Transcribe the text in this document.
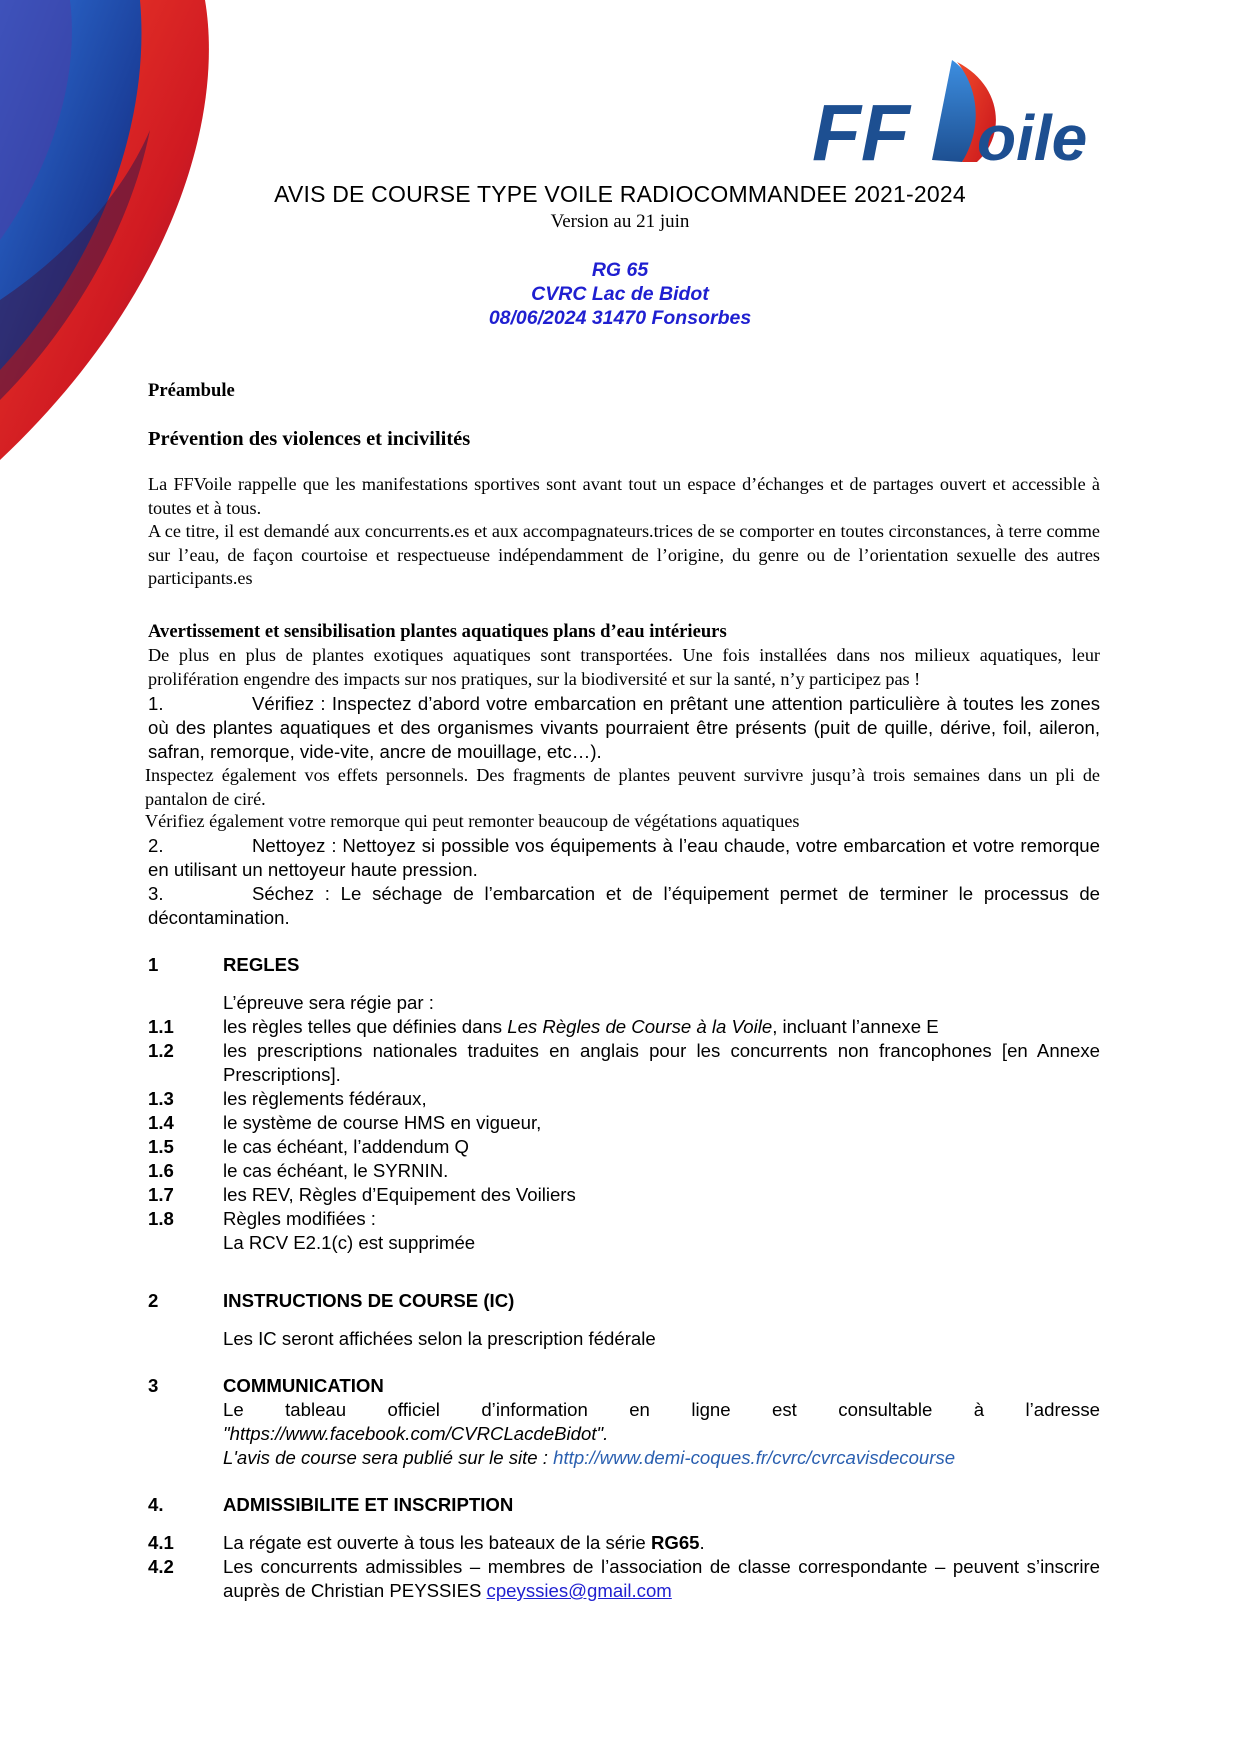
FF oile
AVIS DE COURSE TYPE VOILE RADIOCOMMANDEE 2021-2024
Version au 21 juin
RG 65
CVRC Lac de Bidot
08/06/2024 31470 Fonsorbes
Préambule
Prévention des violences et incivilités

La FFVoile rappelle que les manifestations sportives sont avant tout un espace d’échanges et de partages ouvert et accessible à toutes et à tous.

A ce titre, il est demandé aux concurrents.es et aux accompagnateurs.trices de se comporter en toutes circonstances, à terre comme sur l’eau, de façon courtoise et respectueuse indépendamment de l’origine, du genre ou de l’orientation sexuelle des autres participants.es

Avertissement et sensibilisation plantes aquatiques plans d’eau intérieurs

De plus en plus de plantes exotiques aquatiques sont transportées. Une fois installées dans nos milieux aquatiques, leur prolifération engendre des impacts sur nos pratiques, sur la biodiversité et sur la santé, n’y participez pas !

1.	Vérifiez : Inspectez d’abord votre embarcation en prêtant une attention particulière à toutes les zones où des plantes aquatiques et des organismes vivants pourraient être présents (puit de quille, dérive, foil, aileron, safran, remorque, vide-vite, ancre de mouillage, etc…).

Inspectez également vos effets personnels. Des fragments de plantes peuvent survivre jusqu’à trois semaines dans un pli de pantalon de ciré.

Vérifiez également votre remorque qui peut remonter beaucoup de végétations aquatiques

2.	Nettoyez : Nettoyez si possible vos équipements à l’eau chaude, votre embarcation et votre remorque en utilisant un nettoyeur haute pression.
3.	Séchez : Le séchage de l’embarcation et de l’équipement permet de terminer le processus de décontamination.
1	REGLES
L’épreuve sera régie par :
1.1	les règles telles que définies dans Les Règles de Course à la Voile, incluant l’annexe E
1.2	les prescriptions nationales traduites en anglais pour les concurrents non francophones [en Annexe Prescriptions].
1.3	les règlements fédéraux,
1.4	le système de course HMS en vigueur,
1.5	le cas échéant, l’addendum Q
1.6	le cas échéant, le SYRNIN.
1.7	les REV, Règles d’Equipement des Voiliers
1.8	Règles modifiées :
La RCV E2.1(c) est supprimée
2	INSTRUCTIONS DE COURSE (IC)
Les IC seront affichées selon la prescription fédérale
3	COMMUNICATION
Le tableau officiel d’information en ligne est consultable à l’adresse
"https://www.facebook.com/CVRCLacdeBidot".
L'avis de course sera publié sur le site : http://www.demi-coques.fr/cvrc/cvrcavisdecourse
4.	ADMISSIBILITE ET INSCRIPTION
4.1	La régate est ouverte à tous les bateaux de la série RG65.
4.2	Les concurrents admissibles – membres de l’association de classe correspondante – peuvent s’inscrire auprès de Christian PEYSSIES cpeyssies@gmail.com
